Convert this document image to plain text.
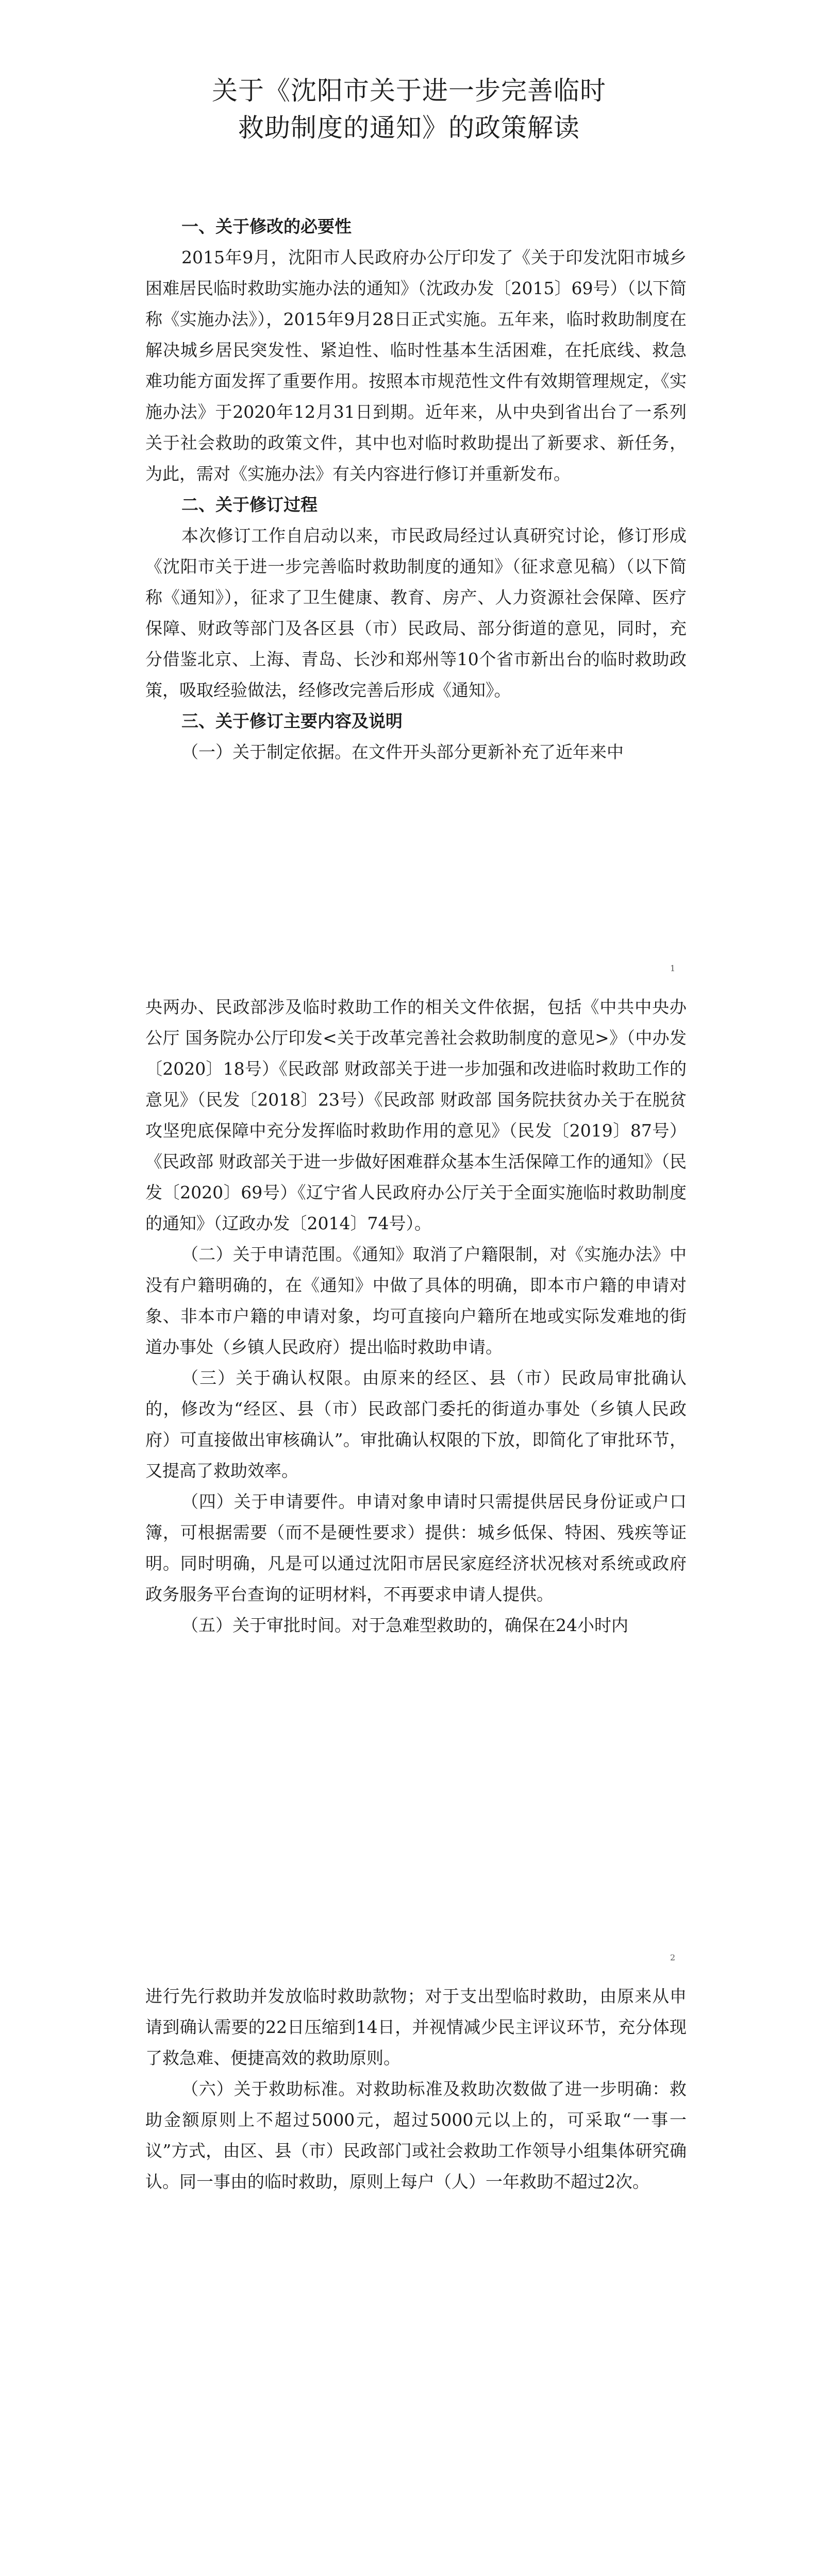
关于《沈阳市关于进一步完善临时
救助制度的通知》的政策解读

一、关于修改的必要性

2015年9月，沈阳市人民政府办公厅印发了《关于印发沈阳市城乡困难居民临时救助实施办法的通知》（沈政办发〔2015〕69号）（以下简称《实施办法》），2015年9月28日正式实施。五年来，临时救助制度在解决城乡居民突发性、紧迫性、临时性基本生活困难，在托底线、救急难功能方面发挥了重要作用。按照本市规范性文件有效期管理规定，《实施办法》于2020年12月31日到期。近年来，从中央到省出台了一系列关于社会救助的政策文件，其中也对临时救助提出了新要求、新任务，为此，需对《实施办法》有关内容进行修订并重新发布。

二、关于修订过程

本次修订工作自启动以来，市民政局经过认真研究讨论，修订形成《沈阳市关于进一步完善临时救助制度的通知》（征求意见稿）（以下简称《通知》），征求了卫生健康、教育、房产、人力资源社会保障、医疗保障、财政等部门及各区县（市）民政局、部分街道的意见，同时，充分借鉴北京、上海、青岛、长沙和郑州等10个省市新出台的临时救助政策，吸取经验做法，经修改完善后形成《通知》。

三、关于修订主要内容及说明

（一）关于制定依据。在文件开头部分更新补充了近年来中

1

央两办、民政部涉及临时救助工作的相关文件依据，包括《中共中央办公厅 国务院办公厅印发<关于改革完善社会救助制度的意见>》（中办发〔2020〕18号）《民政部 财政部关于进一步加强和改进临时救助工作的意见》（民发〔2018〕23号）《民政部 财政部 国务院扶贫办关于在脱贫攻坚兜底保障中充分发挥临时救助作用的意见》（民发〔2019〕87号）《民政部 财政部关于进一步做好困难群众基本生活保障工作的通知》（民发〔2020〕69号）《辽宁省人民政府办公厅关于全面实施临时救助制度的通知》（辽政办发〔2014〕74号）。

（二）关于申请范围。《通知》取消了户籍限制，对《实施办法》中没有户籍明确的，在《通知》中做了具体的明确，即本市户籍的申请对象、非本市户籍的申请对象，均可直接向户籍所在地或实际发难地的街道办事处（乡镇人民政府）提出临时救助申请。

（三）关于确认权限。由原来的经区、县（市）民政局审批确认的，修改为“经区、县（市）民政部门委托的街道办事处（乡镇人民政府）可直接做出审核确认”。审批确认权限的下放，即简化了审批环节，又提高了救助效率。

（四）关于申请要件。申请对象申请时只需提供居民身份证或户口簿，可根据需要（而不是硬性要求）提供：城乡低保、特困、残疾等证明。同时明确，凡是可以通过沈阳市居民家庭经济状况核对系统或政府政务服务平台查询的证明材料，不再要求申请人提供。

（五）关于审批时间。对于急难型救助的，确保在24小时内

2

进行先行救助并发放临时救助款物；对于支出型临时救助，由原来从申请到确认需要的22日压缩到14日，并视情减少民主评议环节，充分体现了救急难、便捷高效的救助原则。

（六）关于救助标准。对救助标准及救助次数做了进一步明确：救助金额原则上不超过5000元，超过5000元以上的，可采取“一事一议”方式，由区、县（市）民政部门或社会救助工作领导小组集体研究确认。同一事由的临时救助，原则上每户（人）一年救助不超过2次。
